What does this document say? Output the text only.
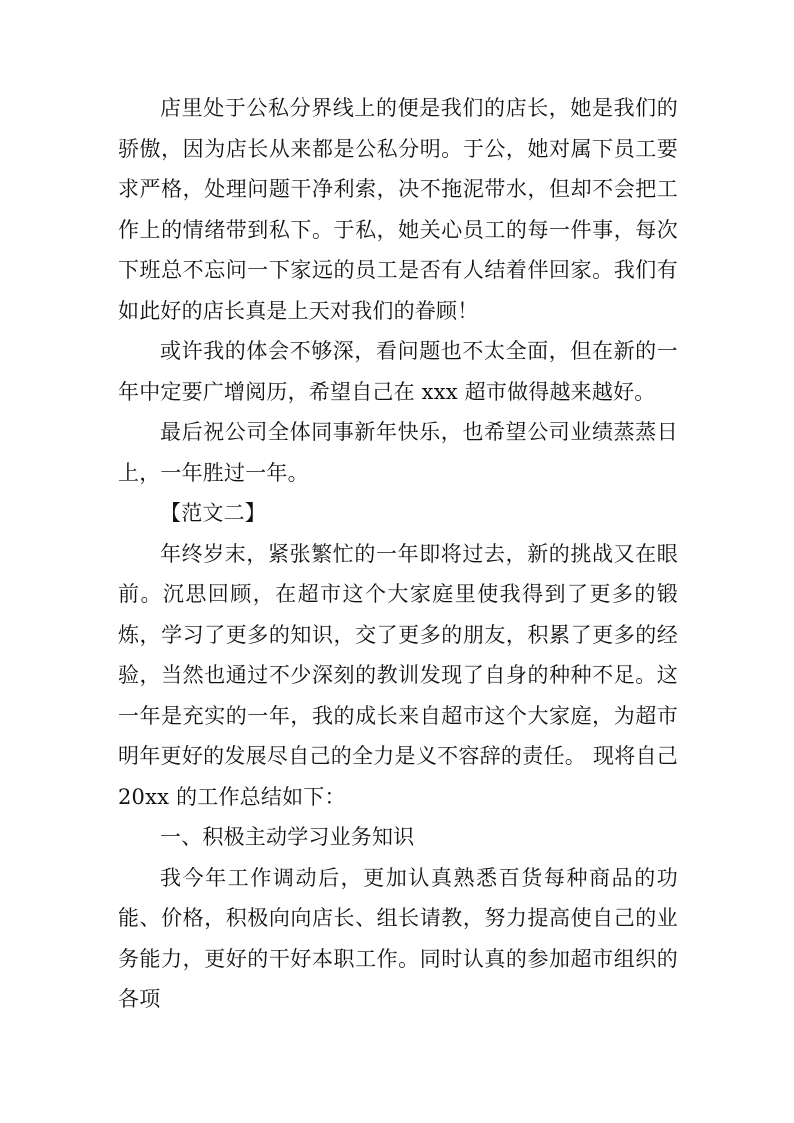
店里处于公私分界线上的便是我们的店长，她是我们的骄傲，因为店长从来都是公私分明。于公，她对属下员工要求严格，处理问题干净利索，决不拖泥带水，但却不会把工作上的情绪带到私下。于私，她关心员工的每一件事，每次下班总不忘问一下家远的员工是否有人结着伴回家。我们有如此好的店长真是上天对我们的眷顾！

或许我的体会不够深，看问题也不太全面，但在新的一年中定要广增阅历，希望自己在 xxx 超市做得越来越好。

最后祝公司全体同事新年快乐，也希望公司业绩蒸蒸日上，一年胜过一年。

【范文二】

年终岁末，紧张繁忙的一年即将过去，新的挑战又在眼前。沉思回顾，在超市这个大家庭里使我得到了更多的锻炼，学习了更多的知识，交了更多的朋友，积累了更多的经验，当然也通过不少深刻的教训发现了自身的种种不足。这一年是充实的一年，我的成长来自超市这个大家庭，为超市明年更好的发展尽自己的全力是义不容辞的责任。 现将自己 20xx 的工作总结如下：

一、积极主动学习业务知识

我今年工作调动后，更加认真熟悉百货每种商品的功能、价格，积极向向店长、组长请教，努力提高使自己的业务能力，更好的干好本职工作。同时认真的参加超市组织的各项
